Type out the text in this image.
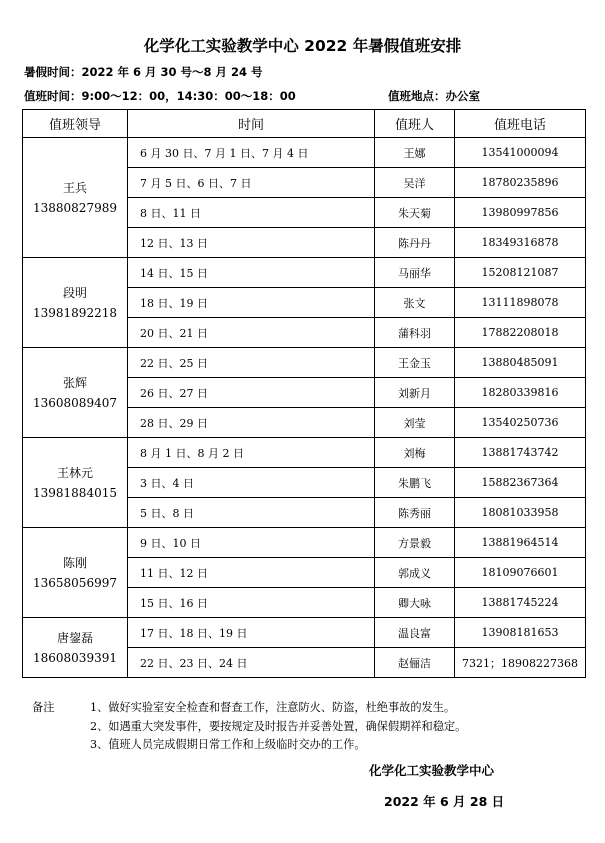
化学化工实验教学中心 2022 年暑假值班安排
暑假时间：2022 年 6 月 30 号～8 月 24 号
值班时间：9:00～12：00，14:30：00～18：00	值班地点：办公室
值班领导	时间	值班人	值班电话

王兵
13880827989	6 月 30 日、7 月 1 日、7 月 4 日	王娜	13541000094
	7 月 5 日、6 日、7 日	吴洋	18780235896
	8 日、11 日	朱天菊	13980997856
	12 日、13 日	陈丹丹	18349316878

段明
13981892218	14 日、15 日	马丽华	15208121087
	18 日、19 日	张文	13111898078
	20 日、21 日	蒲科羽	17882208018

张辉
13608089407	22 日、25 日	王金玉	13880485091
	26 日、27 日	刘新月	18280339816
	28 日、29 日	刘莹	13540250736

王林元
13981884015	8 月 1 日、8 月 2 日	刘梅	13881743742
	3 日、4 日	朱鹏飞	15882367364
	5 日、8 日	陈秀丽	18081033958

陈刚
13658056997	9 日、10 日	方景毅	13881964514
	11 日、12 日	郭成义	18109076601
	15 日、16 日	卿大咏	13881745224

唐鋆磊
18608039391	17 日、18 日、19 日	温良富	13908181653
	22 日、23 日、24 日	赵俪洁	7321；18908227368
备注	1、做好实验室安全检查和督查工作，注意防火、防盗，杜绝事故的发生。
2、如遇重大突发事件，要按规定及时报告并妥善处置，确保假期祥和稳定。
3、值班人员完成假期日常工作和上级临时交办的工作。
化学化工实验教学中心
2022 年 6 月 28 日
